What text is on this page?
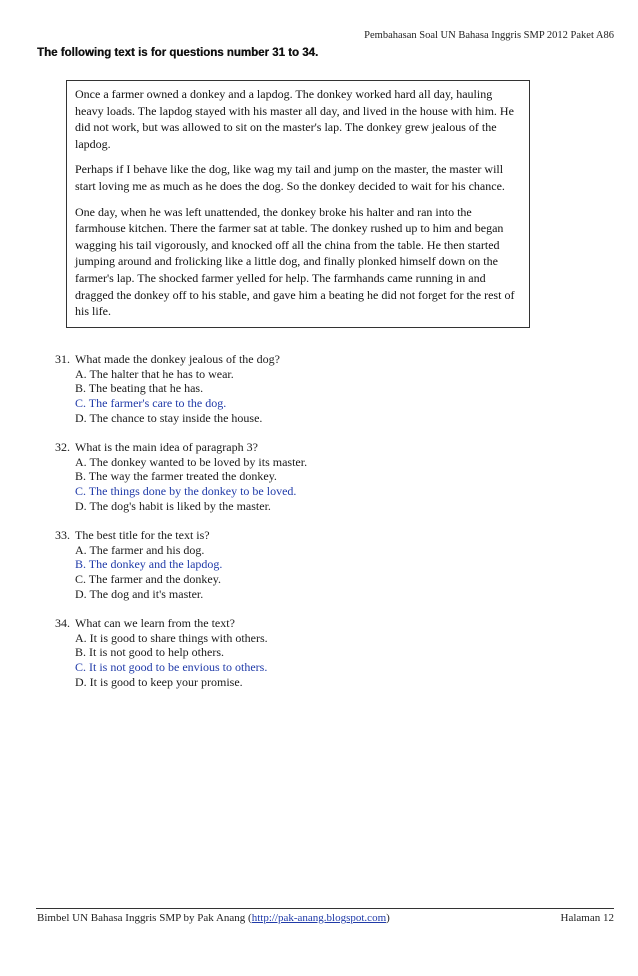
Pembahasan Soal UN Bahasa Inggris SMP 2012 Paket A86
The following text is for questions number 31 to 34.

Once a farmer owned a donkey and a lapdog. The donkey worked hard all day, hauling heavy loads. The lapdog stayed with his master all day, and lived in the house with him. He did not work, but was allowed to sit on the master's lap. The donkey grew jealous of the lapdog.

Perhaps if I behave like the dog, like wag my tail and jump on the master, the master will start loving me as much as he does the dog. So the donkey decided to wait for his chance.

One day, when he was left unattended, the donkey broke his halter and ran into the farmhouse kitchen. There the farmer sat at table. The donkey rushed up to him and began wagging his tail vigorously, and knocked off all the china from the table. He then started jumping around and frolicking like a little dog, and finally plonked himself down on the farmer's lap. The shocked farmer yelled for help. The farmhands came running in and dragged the donkey off to his stable, and gave him a beating he did not forget for the rest of his life.

31. What made the donkey jealous of the dog?
A. The halter that he has to wear.
B. The beating that he has.
C. The farmer's care to the dog.
D. The chance to stay inside the house.
32. What is the main idea of paragraph 3?
A. The donkey wanted to be loved by its master.
B. The way the farmer treated the donkey.
C. The things done by the donkey to be loved.
D. The dog's habit is liked by the master.
33. The best title for the text is?
A. The farmer and his dog.
B. The donkey and the lapdog.
C. The farmer and the donkey.
D. The dog and it's master.
34. What can we learn from the text?
A. It is good to share things with others.
B. It is not good to help others.
C. It is not good to be envious to others.
D. It is good to keep your promise.
Bimbel UN Bahasa Inggris SMP by Pak Anang (http://pak-anang.blogspot.com)	Halaman 12
